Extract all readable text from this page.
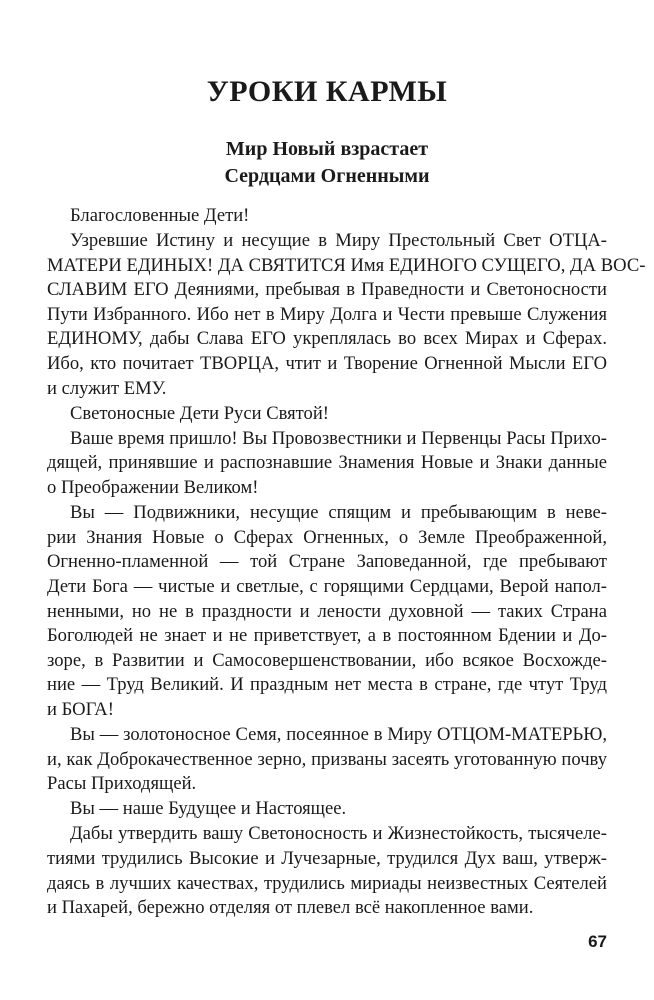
УРОКИ КАРМЫ
Мир Новый взрастает
Сердцами Огненными
Благословенные Дети!
Узревшие Истину и несущие в Миру Престольный Свет ОТЦА-
МАТЕРИ ЕДИНЫХ! ДА СВЯТИТСЯ Имя ЕДИНОГО СУЩЕГО, ДА ВОС-
СЛАВИМ ЕГО Деяниями, пребывая в Праведности и Светоносности
Пути Избранного. Ибо нет в Миру Долга и Чести превыше Служения
ЕДИНОМУ, дабы Слава ЕГО укреплялась во всех Мирах и Сферах.
Ибо, кто почитает ТВОРЦА, чтит и Творение Огненной Мысли ЕГО
и служит ЕМУ.
Светоносные Дети Руси Святой!
Ваше время пришло! Вы Провозвестники и Первенцы Расы Прихо-
дящей, принявшие и распознавшие Знамения Новые и Знаки данные
о Преображении Великом!
Вы — Подвижники, несущие спящим и пребывающим в неве-
рии Знания Новые о Сферах Огненных, о Земле Преображенной,
Огненно-пламенной — той Стране Заповеданной, где пребывают
Дети Бога — чистые и светлые, с горящими Сердцами, Верой напол-
ненными, но не в праздности и лености духовной — таких Страна
Боголюдей не знает и не приветствует, а в постоянном Бдении и До-
зоре, в Развитии и Самосовершенствовании, ибо всякое Восхожде-
ние — Труд Великий. И праздным нет места в стране, где чтут Труд
и БОГА!
Вы — золотоносное Семя, посеянное в Миру ОТЦОМ-МАТЕРЬЮ,
и, как Доброкачественное зерно, призваны засеять уготованную почву
Расы Приходящей.
Вы — наше Будущее и Настоящее.
Дабы утвердить вашу Светоносность и Жизнестойкость, тысячеле-
тиями трудились Высокие и Лучезарные, трудился Дух ваш, утверж-
даясь в лучших качествах, трудились мириады неизвестных Сеятелей
и Пахарей, бережно отделяя от плевел всё накопленное вами.
67
